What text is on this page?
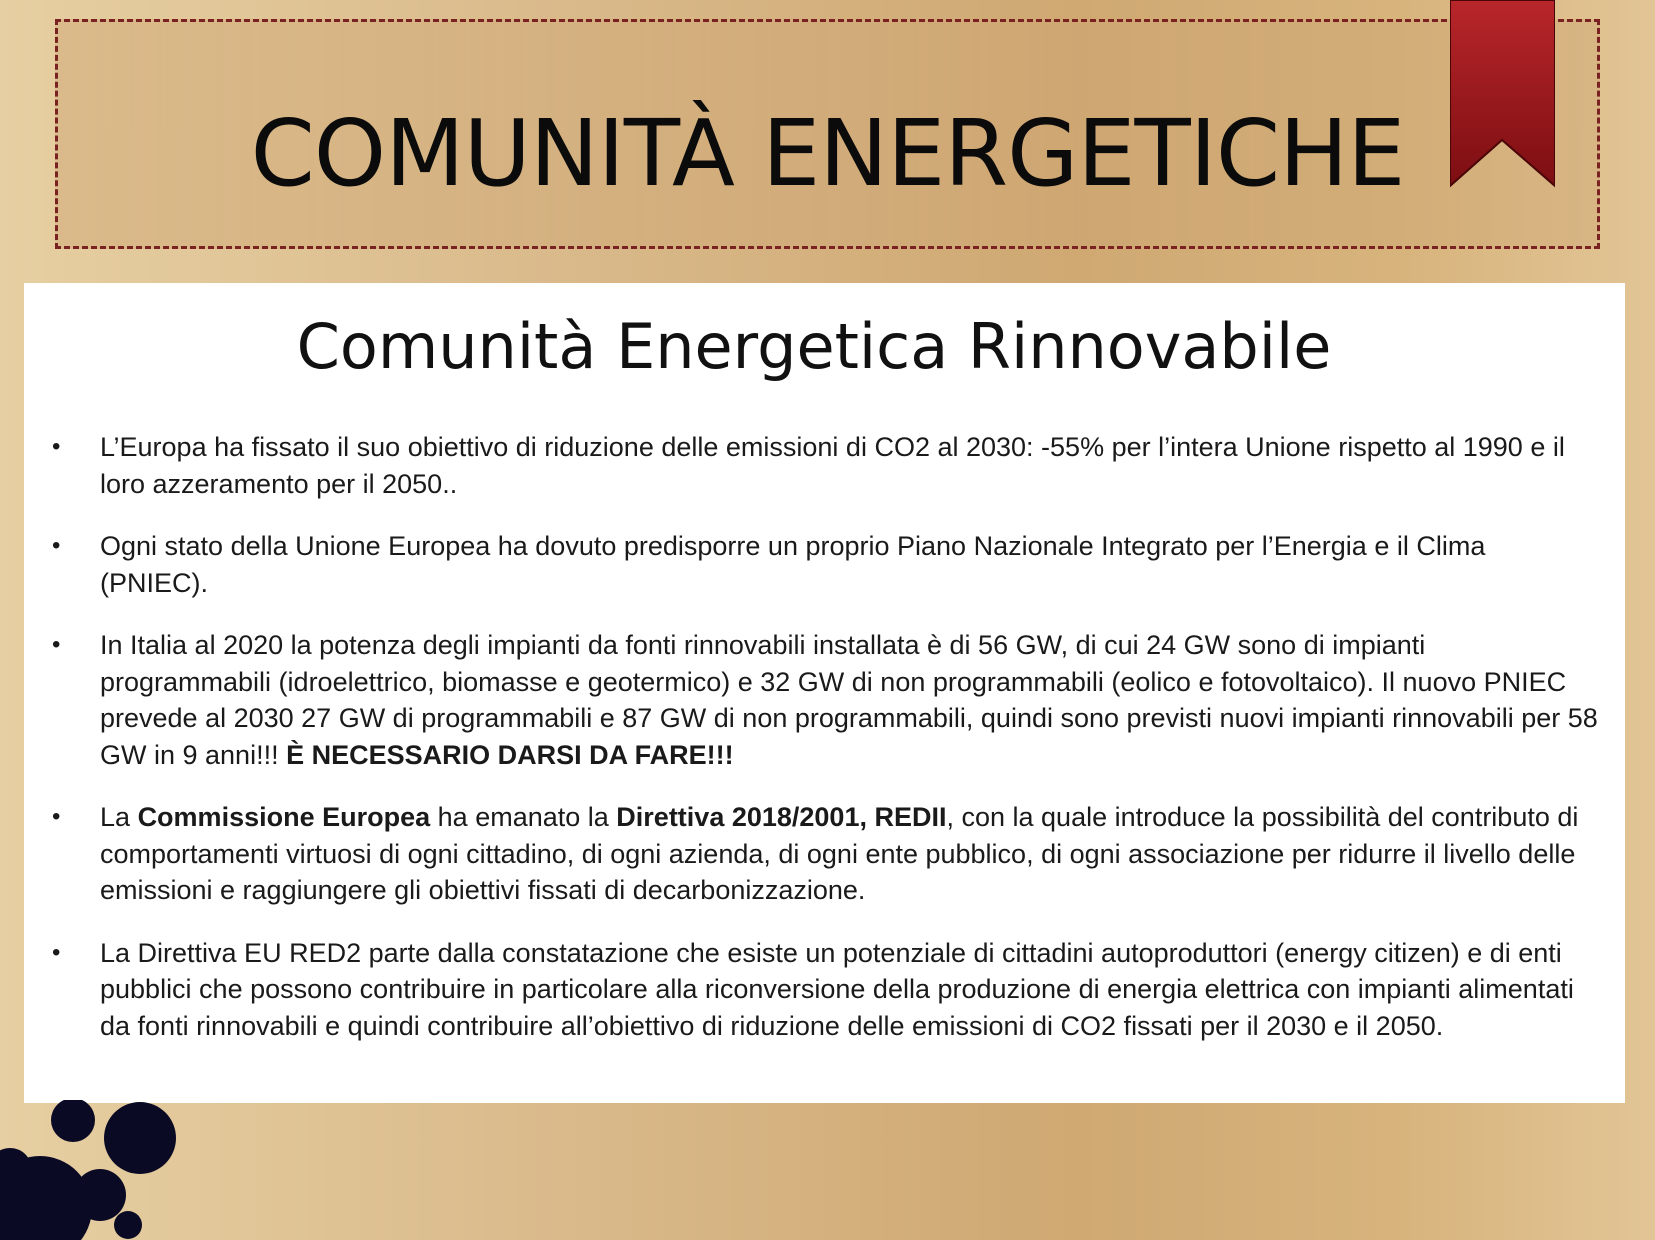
COMUNITÀ ENERGETICHE
Comunità Energetica Rinnovabile
• L’Europa ha fissato il suo obiettivo di riduzione delle emissioni di CO2 al 2030: -55% per l’intera Unione rispetto al 1990 e il loro azzeramento per il 2050..
• Ogni stato della Unione Europea ha dovuto predisporre un proprio Piano Nazionale Integrato per l’Energia e il Clima (PNIEC).
• In Italia al 2020 la potenza degli impianti da fonti rinnovabili installata è di 56 GW, di cui 24 GW sono di impianti programmabili (idroelettrico, biomasse e geotermico) e 32 GW di non programmabili (eolico e fotovoltaico). Il nuovo PNIEC prevede al 2030 27 GW di programmabili e 87 GW di non programmabili, quindi sono previsti nuovi impianti rinnovabili per 58 GW in 9 anni!!! È NECESSARIO DARSI DA FARE!!!
• La Commissione Europea ha emanato la Direttiva 2018/2001, REDII, con la quale introduce la possibilità del contributo di comportamenti virtuosi di ogni cittadino, di ogni azienda, di ogni ente pubblico, di ogni associazione per ridurre il livello delle emissioni e raggiungere gli obiettivi fissati di decarbonizzazione.
• La Direttiva EU RED2 parte dalla constatazione che esiste un potenziale di cittadini autoproduttori (energy citizen) e di enti pubblici che possono contribuire in particolare alla riconversione della produzione di energia elettrica con impianti alimentati da fonti rinnovabili e quindi contribuire all’obiettivo di riduzione delle emissioni di CO2 fissati per il 2030 e il 2050.
